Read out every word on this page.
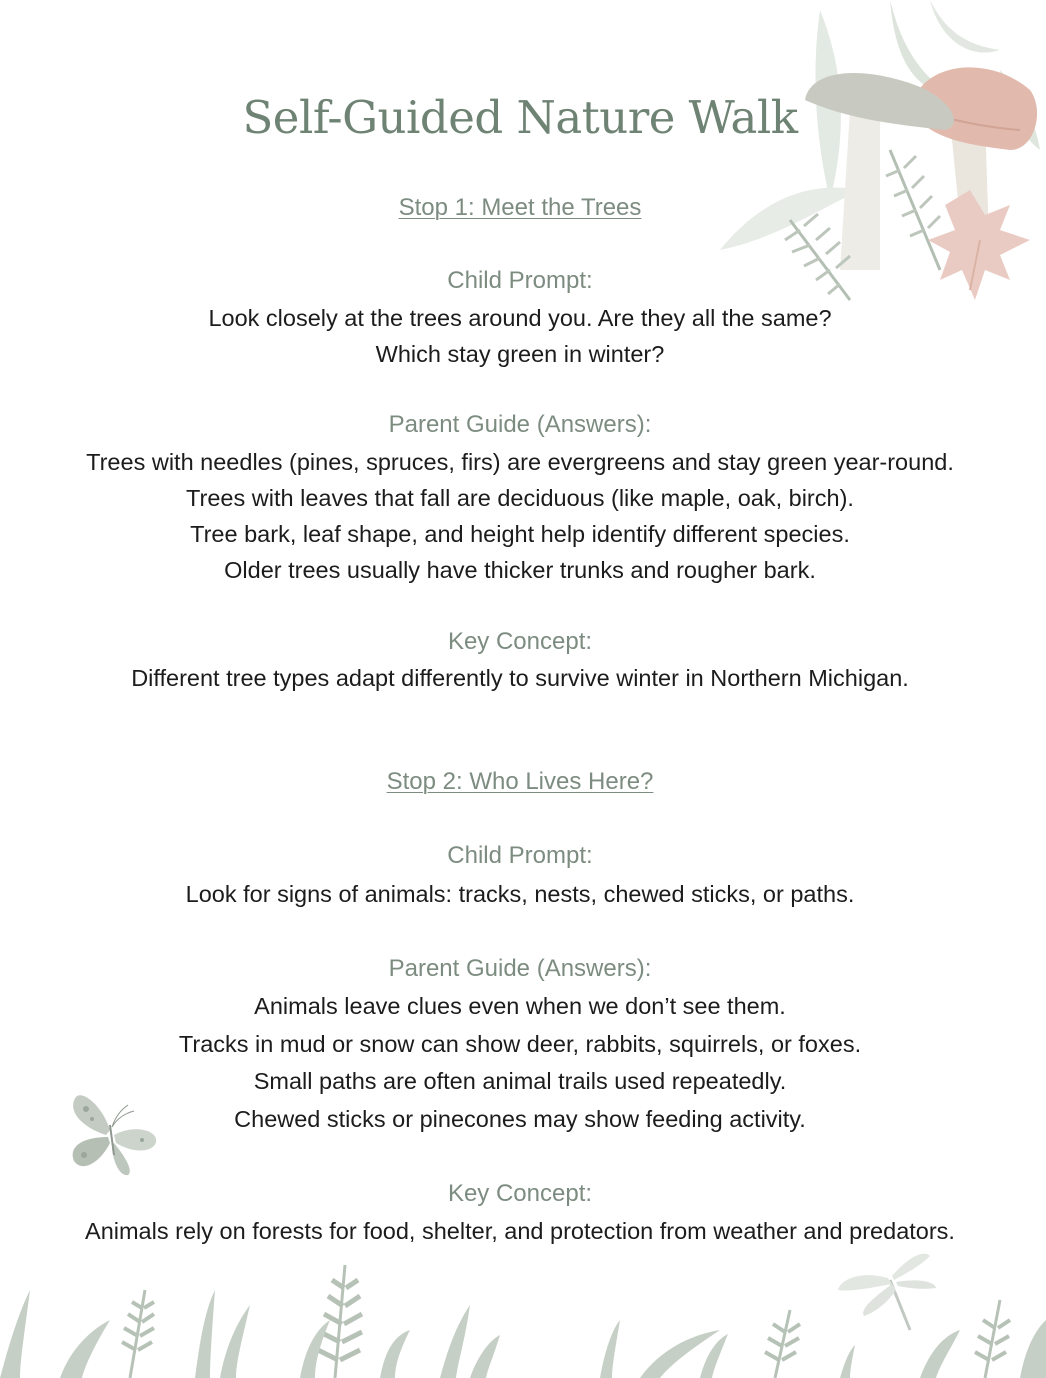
Self-Guided Nature Walk
Stop 1: Meet the Trees
Child Prompt:
Look closely at the trees around you. Are they all the same?
Which stay green in winter?
Parent Guide (Answers):
Trees with needles (pines, spruces, firs) are evergreens and stay green year-round.
Trees with leaves that fall are deciduous (like maple, oak, birch).
Tree bark, leaf shape, and height help identify different species.
Older trees usually have thicker trunks and rougher bark.
Key Concept:
Different tree types adapt differently to survive winter in Northern Michigan.
Stop 2: Who Lives Here?
Child Prompt:
Look for signs of animals: tracks, nests, chewed sticks, or paths.
Parent Guide (Answers):
Animals leave clues even when we don’t see them.
Tracks in mud or snow can show deer, rabbits, squirrels, or foxes.
Small paths are often animal trails used repeatedly.
Chewed sticks or pinecones may show feeding activity.
Key Concept:
Animals rely on forests for food, shelter, and protection from weather and predators.
